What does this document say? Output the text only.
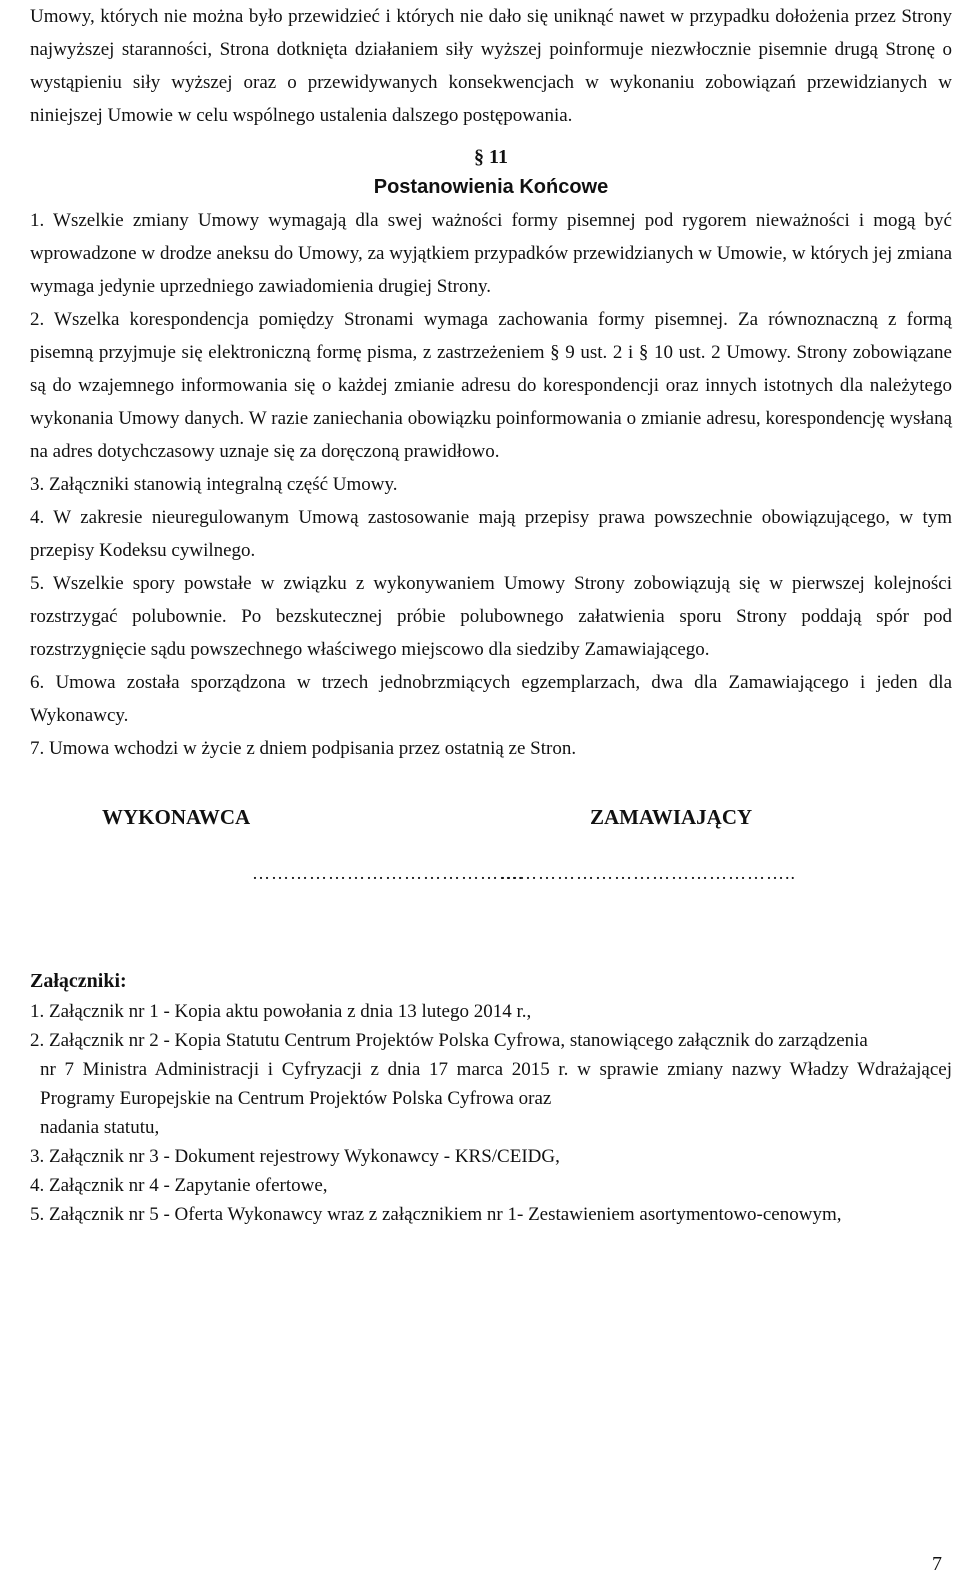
Umowy, których nie można było przewidzieć i których nie dało się uniknąć nawet w przypadku dołożenia przez Strony najwyższej staranności, Strona dotknięta działaniem siły wyższej poinformuje niezwłocznie pisemnie drugą Stronę o wystąpieniu siły wyższej oraz o przewidywanych konsekwencjach w wykonaniu zobowiązań przewidzianych w niniejszej Umowie w celu wspólnego ustalenia dalszego postępowania.

§ 11
Postanowienia Końcowe

1. Wszelkie zmiany Umowy wymagają dla swej ważności formy pisemnej pod rygorem nieważności i mogą być wprowadzone w drodze aneksu do Umowy, za wyjątkiem przypadków przewidzianych w Umowie, w których jej zmiana wymaga jedynie uprzedniego zawiadomienia drugiej Strony.

2. Wszelka korespondencja pomiędzy Stronami wymaga zachowania formy pisemnej. Za równoznaczną z formą pisemną przyjmuje się elektroniczną formę pisma, z zastrzeżeniem § 9 ust. 2 i § 10 ust. 2 Umowy. Strony zobowiązane są do wzajemnego informowania się o każdej zmianie adresu do korespondencji oraz innych istotnych dla należytego wykonania Umowy danych. W razie zaniechania obowiązku poinformowania o zmianie adresu, korespondencję wysłaną na adres dotychczasowy uznaje się za doręczoną prawidłowo.

3. Załączniki stanowią integralną część Umowy.

4. W zakresie nieuregulowanym Umową zastosowanie mają przepisy prawa powszechnie obowiązującego, w tym przepisy Kodeksu cywilnego.

5. Wszelkie spory powstałe w związku z wykonywaniem Umowy Strony zobowiązują się w pierwszej kolejności rozstrzygać polubownie. Po bezskutecznej próbie polubownego załatwienia sporu Strony poddają spór pod rozstrzygnięcie sądu powszechnego właściwego miejscowo dla siedziby Zamawiającego.

6. Umowa została sporządzona w trzech jednobrzmiących egzemplarzach, dwa dla Zamawiającego i jeden dla Wykonawcy.

7. Umowa wchodzi w życie z dniem podpisania przez ostatnią ze Stron.

WYKONAWCA	ZAMAWIAJĄCY
…………………………………….
………………………………………..
Załączniki:

1. Załącznik nr 1 - Kopia aktu powołania z dnia 13 lutego 2014 r.,

2. Załącznik nr 2 - Kopia Statutu Centrum Projektów Polska Cyfrowa, stanowiącego załącznik do zarządzenia

nr 7 Ministra Administracji i Cyfryzacji z dnia 17 marca 2015 r. w sprawie zmiany nazwy Władzy Wdrażającej Programy Europejskie na Centrum Projektów Polska Cyfrowa oraz

nadania statutu,

3. Załącznik nr 3 - Dokument rejestrowy Wykonawcy - KRS/CEIDG,

4. Załącznik nr 4 - Zapytanie ofertowe,

5. Załącznik nr 5 - Oferta Wykonawcy wraz z załącznikiem nr 1- Zestawieniem asortymentowo-cenowym,

7
